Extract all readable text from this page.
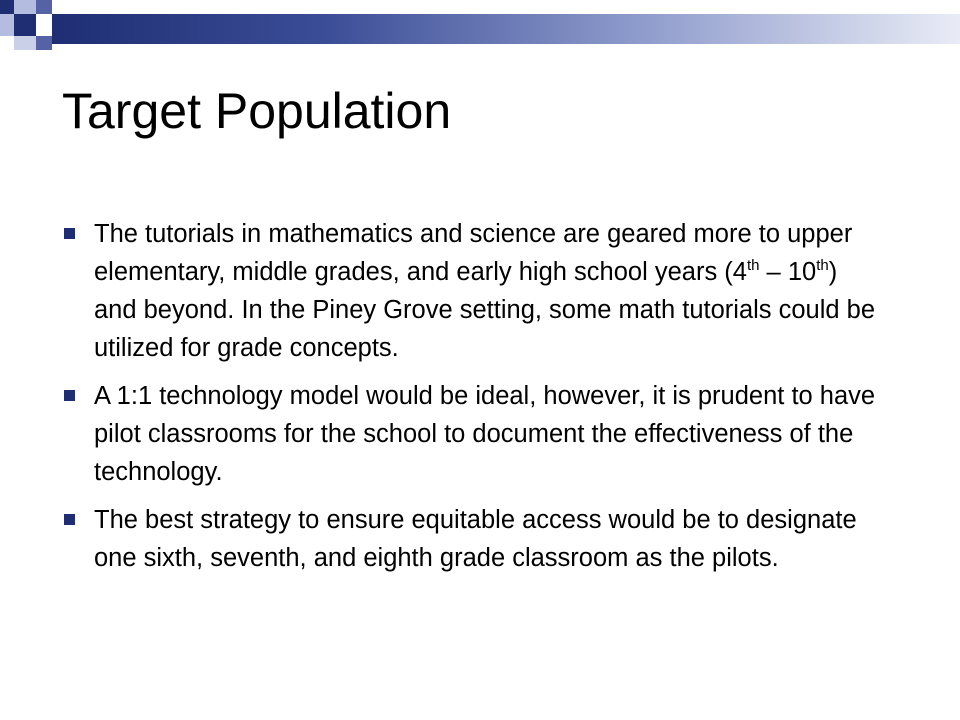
Target Population
The tutorials in mathematics and science are geared more to upper elementary, middle grades, and early high school years (4th – 10th) and beyond. In the Piney Grove setting, some math tutorials could be utilized for grade concepts.
A 1:1 technology model would be ideal, however, it is prudent to have pilot classrooms for the school to document the effectiveness of the technology.
The best strategy to ensure equitable access would be to designate one sixth, seventh, and eighth grade classroom as the pilots.
